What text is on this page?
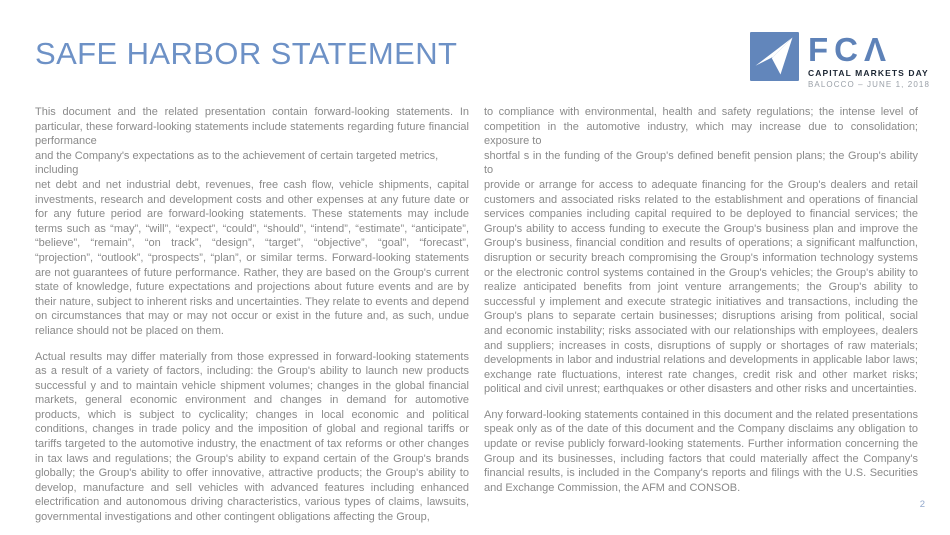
SAFE HARBOR STATEMENT	FCΛ
CAPITAL MARKETS DAY
BALOCCO – JUNE 1, 2018

This document and the related presentation contain forward-looking statements. In particular, these forward-looking statements include statements regarding future financial performance
and the Company's expectations as to the achievement of certain targeted metrics,
including
net debt and net industrial debt, revenues, free cash flow, vehicle shipments, capital investments, research and development costs and other expenses at any future date or for any future period are forward-looking statements. These statements may include terms such as “may”, “will”, “expect”, “could”, “should”, “intend”, “estimate”, “anticipate”, “believe”, “remain”, “on track”, “design”, “target”, “objective”, “goal”, “forecast”, “projection”, “outlook”, “prospects”, “plan”, or similar terms. Forward-looking statements are not guarantees of future performance. Rather, they are based on the Group's current state of knowledge, future expectations and projections about future events and are by their nature, subject to inherent risks and uncertainties. They relate to events and depend on circumstances that may or may not occur or exist in the future and, as such, undue reliance should not be placed on them.

Actual results may differ materially from those expressed in forward-looking statements as a result of a variety of factors, including: the Group's ability to launch new products successful y and to maintain vehicle shipment volumes; changes in the global financial markets, general economic environment and changes in demand for automotive products, which is subject to cyclicality; changes in local economic and political conditions, changes in trade policy and the imposition of global and regional tariffs or tariffs targeted to the automotive industry, the enactment of tax reforms or other changes in tax laws and regulations; the Group's ability to expand certain of the Group's brands globally; the Group's ability to offer innovative, attractive products; the Group's ability to develop, manufacture and sell vehicles with advanced features including enhanced electrification and autonomous driving characteristics, various types of claims, lawsuits, governmental investigations and other contingent obligations affecting the Group,

to compliance with environmental, health and safety regulations; the intense level of competition in the automotive industry, which may increase due to consolidation; exposure to
shortfal s in the funding of the Group's defined benefit pension plans; the Group's ability to
provide or arrange for access to adequate financing for the Group's dealers and retail customers and associated risks related to the establishment and operations of financial services companies including capital required to be deployed to financial services; the Group's ability to access funding to execute the Group's business plan and improve the Group's business, financial condition and results of operations; a significant malfunction, disruption or security breach compromising the Group's information technology systems or the electronic control systems contained in the Group's vehicles; the Group's ability to realize anticipated benefits from joint venture arrangements; the Group's ability to successful y implement and execute strategic initiatives and transactions, including the Group's plans to separate certain businesses; disruptions arising from political, social and economic instability; risks associated with our relationships with employees, dealers and suppliers; increases in costs, disruptions of supply or shortages of raw materials; developments in labor and industrial relations and developments in applicable labor laws; exchange rate fluctuations, interest rate changes, credit risk and other market risks; political and civil unrest; earthquakes or other disasters and other risks and uncertainties.

Any forward-looking statements contained in this document and the related presentations speak only as of the date of this document and the Company disclaims any obligation to update or revise publicly forward-looking statements. Further information concerning the Group and its businesses, including factors that could materially affect the Company's financial results, is included in the Company's reports and filings with the U.S. Securities and Exchange Commission, the AFM and CONSOB.

2
